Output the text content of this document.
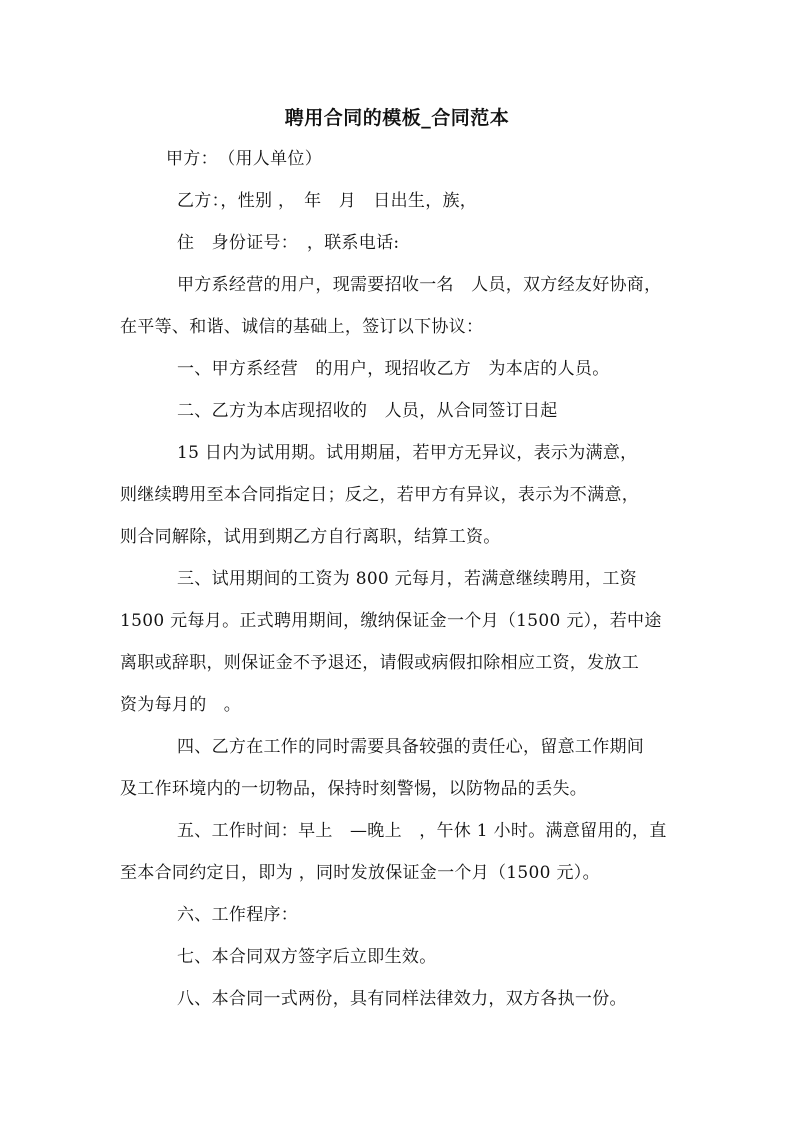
聘用合同的模板_合同范本
甲方：　（用人单位）
乙方：，性别 ，　年　月　日出生，族，
住　身份证号：　，联系电话:
甲方系经营的用户，现需要招收一名　人员，双方经友好协商，
在平等、和谐、诚信的基础上，签订以下协议：
一、甲方系经营　的用户，现招收乙方　为本店的人员。
二、乙方为本店现招收的　人员，从合同签订日起
15 日内为试用期。试用期届，若甲方无异议，表示为满意，
则继续聘用至本合同指定日；反之，若甲方有异议，表示为不满意，
则合同解除，试用到期乙方自行离职，结算工资。
三、试用期间的工资为 800 元每月，若满意继续聘用，工资
1500 元每月。正式聘用期间，缴纳保证金一个月（1500 元），若中途
离职或辞职，则保证金不予退还，请假或病假扣除相应工资，发放工
资为每月的　。
四、乙方在工作的同时需要具备较强的责任心，留意工作期间
及工作环境内的一切物品，保持时刻警惕，以防物品的丢失。
五、工作时间：早上　—晚上　，午休 1 小时。满意留用的，直
至本合同约定日，即为 ，同时发放保证金一个月（1500 元）。
六、工作程序：
七、本合同双方签字后立即生效。
八、本合同一式两份，具有同样法律效力，双方各执一份。
